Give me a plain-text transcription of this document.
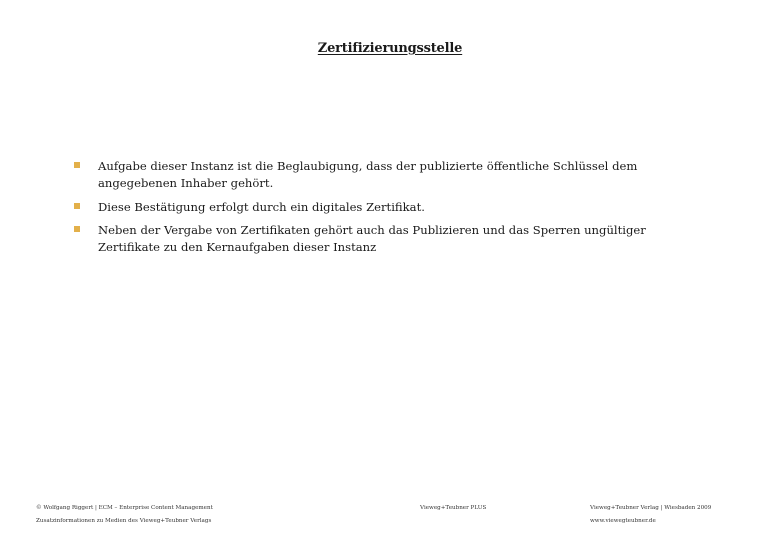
Zertifizierungsstelle
Aufgabe dieser Instanz ist die Beglaubigung, dass der publizierte öffentliche Schlüssel dem angegebenen Inhaber gehört.
Diese Bestätigung erfolgt durch ein digitales Zertifikat.
Neben der Vergabe von Zertifikaten gehört auch das Publizieren und das Sperren ungültiger Zertifikate zu den Kernaufgaben dieser Instanz
© Wolfgang Riggert | ECM – Enterprise Content Management
Zusatzinformationen zu Medien des Vieweg+Teubner Verlags
Vieweg+Teubner PLUS	Vieweg+Teubner Verlag | Wiesbaden 2009
www.viewegteubner.de
